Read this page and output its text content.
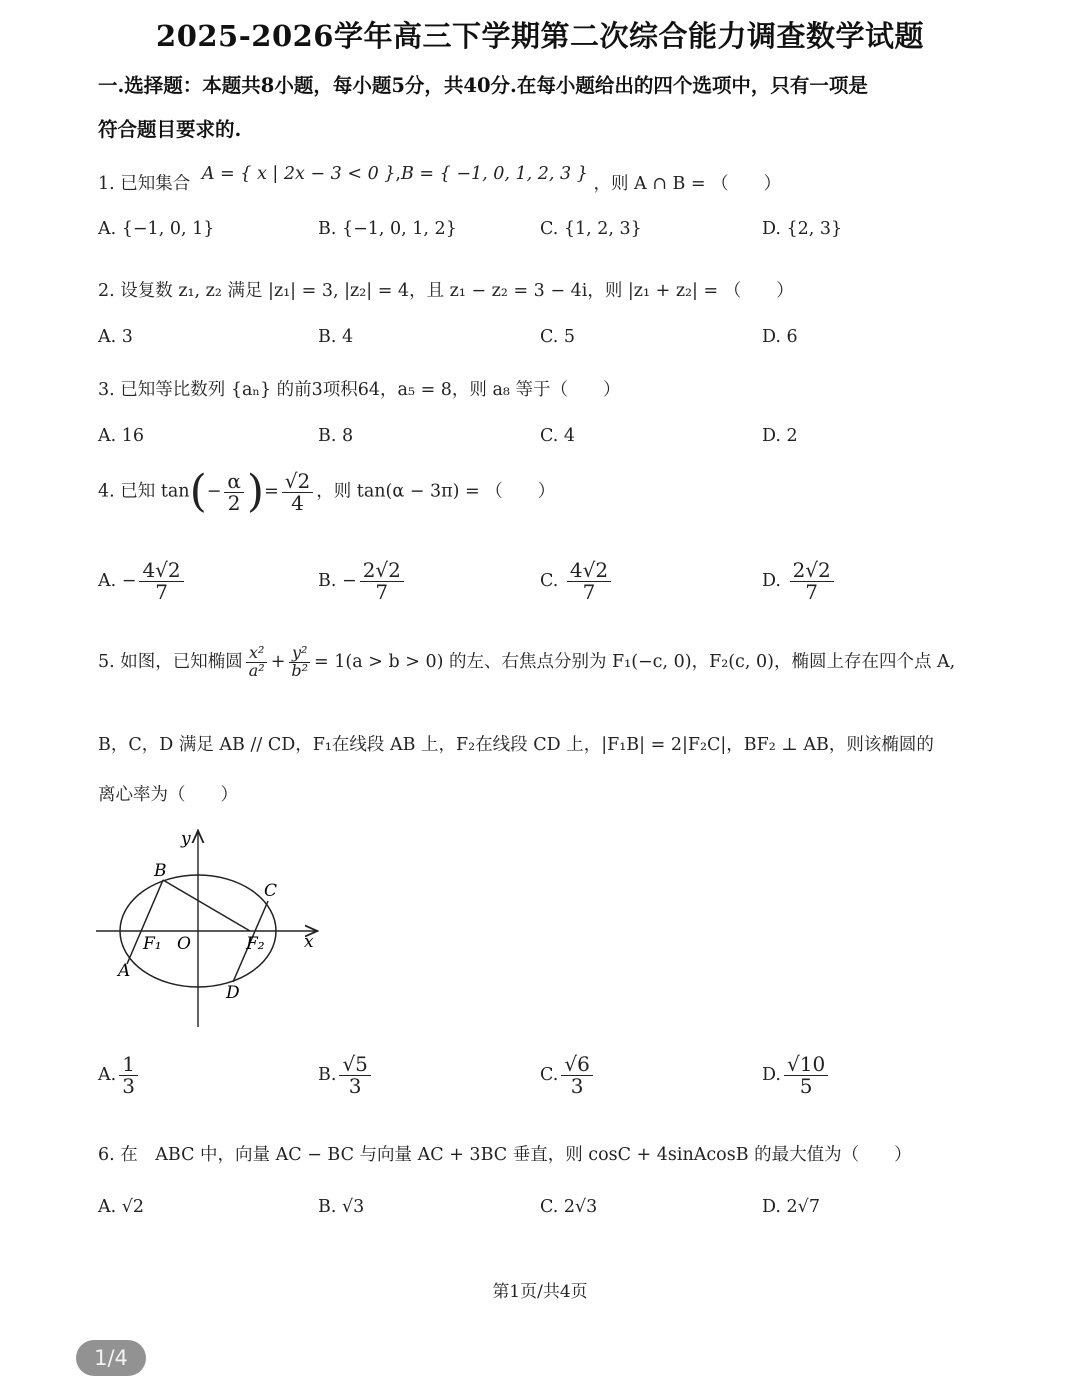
2025-2026学年高三下学期第二次综合能力调查数学试题
一.选择题：本题共8小题，每小题5分，共40分.在每小题给出的四个选项中，只有一项是
符合题目要求的.
1. 已知集合 A = { x | 2x − 3 < 0 },B = { −1, 0, 1, 2, 3 } ，则 A ∩ B = （　　）
A. {−1, 0, 1}	B. {−1, 0, 1, 2}	C. {1, 2, 3}	D. {2, 3}
2. 设复数 z₁, z₂ 满足 |z₁| = 3, |z₂| = 4，且 z₁ − z₂ = 3 − 4i，则 |z₁ + z₂| = （　　）
A. 3	B. 4	C. 5	D. 6
3. 已知等比数列 {aₙ} 的前3项积64，a₅ = 8，则 a₈ 等于（　　）
A. 16	B. 8	C. 4	D. 2
4. 已知 $\tan(- \frac{\alpha}{2}$ )= $\frac{√2}{4}$ ，则 tan(α − 3π) = （　　）
A. − $\frac{4√2}{7}$	B. − $\frac{2√2}{7}$	C. $\frac{4√2}{7}$	D. $\frac{2√2}{7}$
5. 如图，已知椭圆 $\frac{\text{x²}}{\text{a²}} + \frac{\text{y²}}{\text{b²}} = 1(a > b > 0)$ 的左、右焦点分别为 F₁(−c, 0)，F₂(c, 0)，椭圆上存在四个点 A,
B，C，D 满足 AB // CD，F₁在线段 AB 上，F₂在线段 CD 上，|F₁B| = 2|F₂C|，BF₂ ⊥ AB，则该椭圆的
离心率为（　　）
y
x
B
C
A
D
O
F₁	F₂
A. $\frac{1}{3}$	B. $\frac{√5}{3}$	C. $\frac{√6}{3}$	D. $\frac{√10}{5}$
6. 在　ABC 中，向量 AC − BC 与向量 AC + 3BC 垂直，则 cosC + 4sinAcosB 的最大值为（　　）
A. √2	B. √3	C. 2√3	D. 2√7
第1页/共4页
1/4
